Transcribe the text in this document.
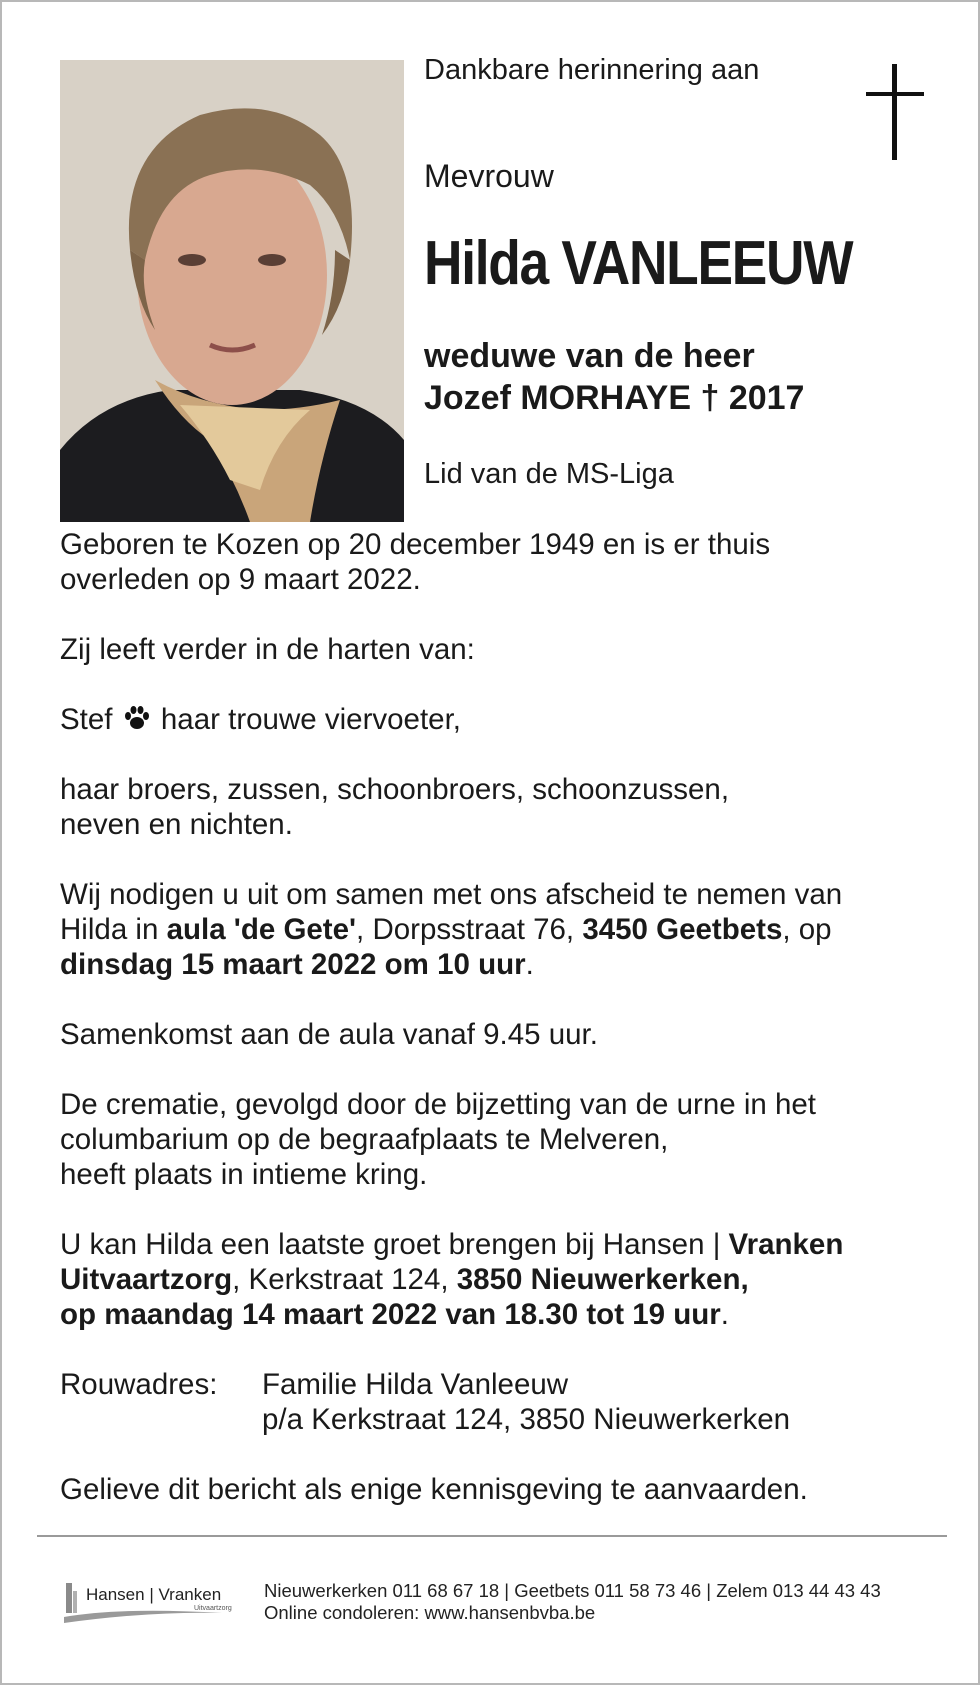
Dankbare herinnering aan
Mevrouw
Hilda VANLEEUW
weduwe van de heer
Jozef MORHAYE † 2017
Lid van de MS-Liga

Geboren te Kozen op 20 december 1949 en is er thuis
overleden op 9 maart 2022.

Zij leeft verder in de harten van:

Stef haar trouwe viervoeter,

haar broers, zussen, schoonbroers, schoonzussen,
neven en nichten.

Wij nodigen u uit om samen met ons afscheid te nemen van
Hilda in aula 'de Gete', Dorpsstraat 76, 3450 Geetbets, op
dinsdag 15 maart 2022 om 10 uur.

Samenkomst aan de aula vanaf 9.45 uur.

De crematie, gevolgd door de bijzetting van de urne in het
columbarium op de begraafplaats te Melveren,
heeft plaats in intieme kring.

U kan Hilda een laatste groet brengen bij Hansen | Vranken
Uitvaartzorg, Kerkstraat 124, 3850 Nieuwerkerken,
op maandag 14 maart 2022 van 18.30 tot 19 uur.

Rouwadres:	Familie Hilda Vanleeuw
p/a Kerkstraat 124, 3850 Nieuwerkerken

Gelieve dit bericht als enige kennisgeving te aanvaarden.

Hansen | Vranken
Uitvaartzorg
Nieuwerkerken 011 68 67 18 | Geetbets 011 58 73 46 | Zelem 013 44 43 43
Online condoleren: www.hansenbvba.be
